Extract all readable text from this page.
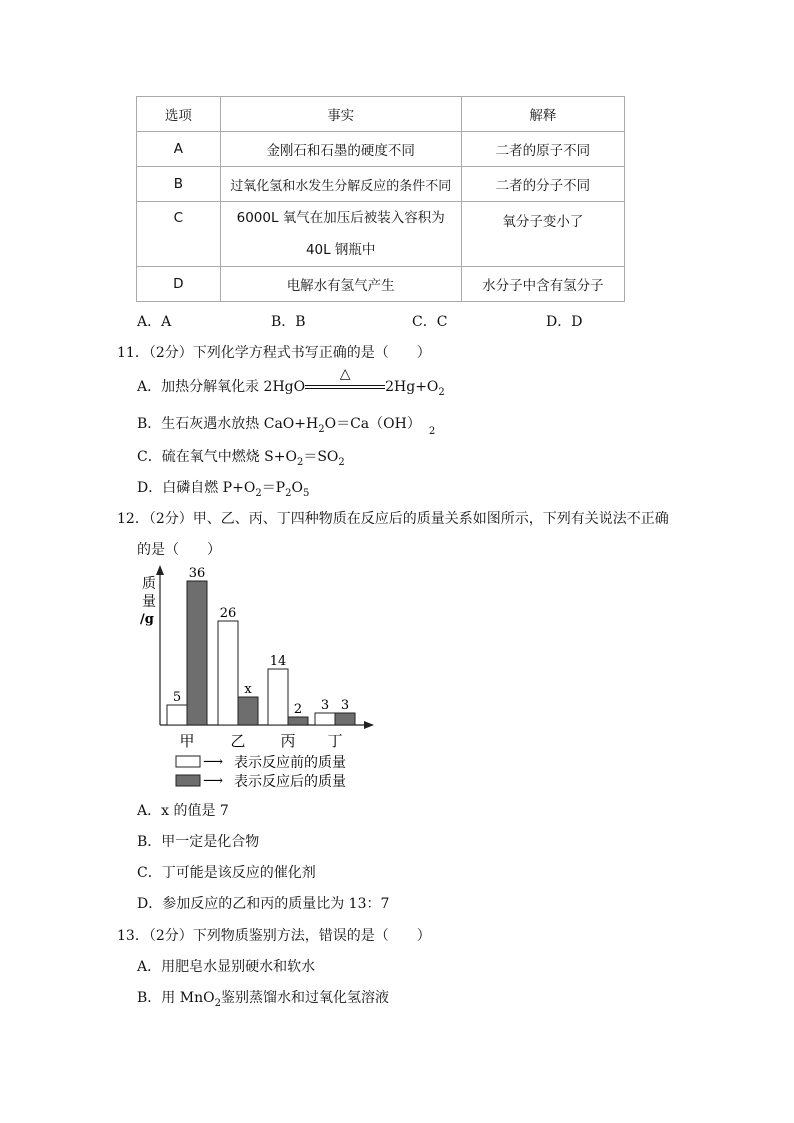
选项	事实	解释
A	金刚石和石墨的硬度不同	二者的原子不同
B	过氧化氢和水发生分解反应的条件不同	二者的分子不同
C	6000L 氧气在加压后被装入容积为 40L 钢瓶中	氧分子变小了
D	电解水有氢气产生	水分子中含有氢分子
A．A	B．B	C．C	D．D
11．（2分）下列化学方程式书写正确的是（　　）
A．加热分解氧化汞 2HgO
△
$2Hg+O_2$
B．生石灰遇水放热 $CaO+H_2O=Ca(OH)$ $_2$
C．硫在氧气中燃烧 $S+O_2=SO_2$
D．白磷自燃 $P+O_2=P_2O_5$
12．（2分）甲、乙、丙、丁四种物质在反应后的质量关系如图所示，下列有关说法不正确
的是（　　）
质
量
/g
5
36
甲
26
x
乙
14
2
丙
3 3
丁
⟶ 表示反应前的质量
⟶ 表示反应后的质量
A．x 的值是 7
B．甲一定是化合物
C．丁可能是该反应的催化剂
D．参加反应的乙和丙的质量比为 13：7
13．（2分）下列物质鉴别方法，错误的是（　　）
A．用肥皂水显别硬水和软水
B．用 MnO$_2$鉴别蒸馏水和过氧化氢溶液
